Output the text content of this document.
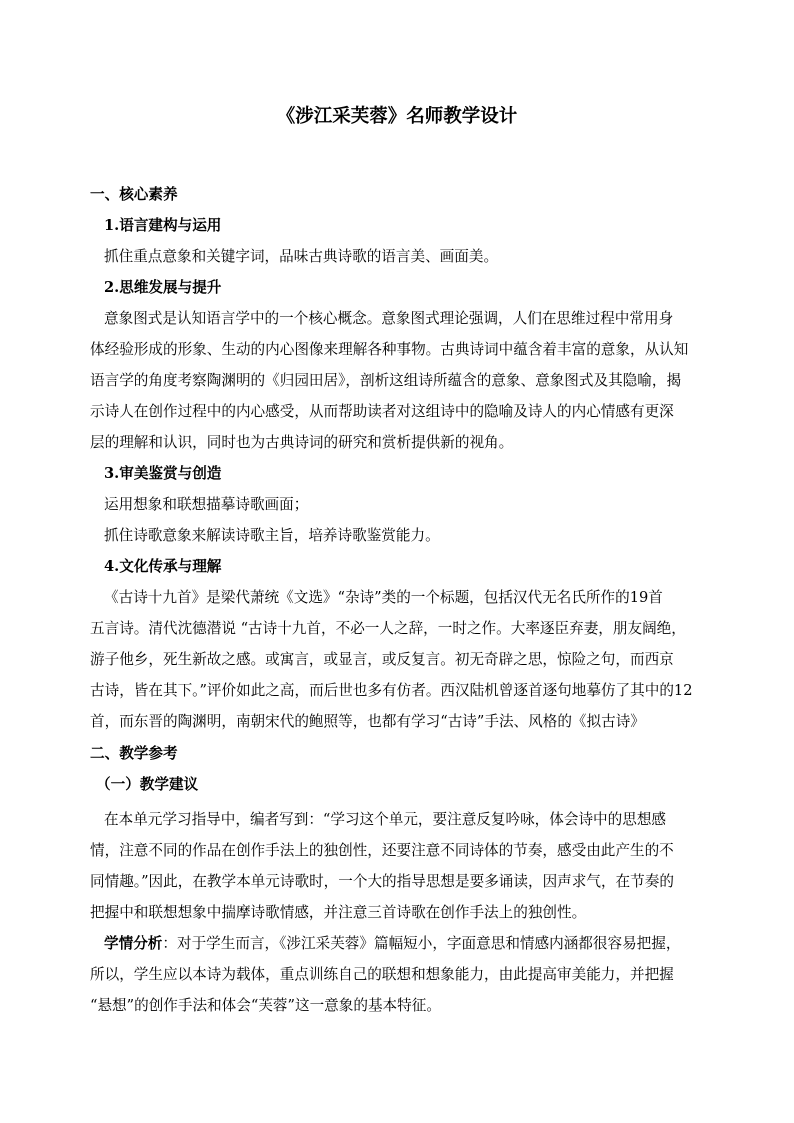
《涉江采芙蓉》名师教学设计
一、核心素养
1.语言建构与运用
抓住重点意象和关键字词，品味古典诗歌的语言美、画面美。
2.思维发展与提升
意象图式是认知语言学中的一个核心概念。意象图式理论强调，人们在思维过程中常用身
体经验形成的形象、生动的内心图像来理解各种事物。古典诗词中蕴含着丰富的意象，从认知
语言学的角度考察陶渊明的《归园田居》，剖析这组诗所蕴含的意象、意象图式及其隐喻，揭
示诗人在创作过程中的内心感受，从而帮助读者对这组诗中的隐喻及诗人的内心情感有更深
层的理解和认识，同时也为古典诗词的研究和赏析提供新的视角。
3.审美鉴赏与创造
运用想象和联想描摹诗歌画面；
抓住诗歌意象来解读诗歌主旨，培养诗歌鉴赏能力。
4.文化传承与理解
《古诗十九首》是梁代萧统《文选》“杂诗”类的一个标题，包括汉代无名氏所作的19首
五言诗。清代沈德潜说 “古诗十九首，不必一人之辞，一时之作。大率逐臣弃妻，朋友阔绝，
游子他乡，死生新故之感。或寓言，或显言，或反复言。初无奇辟之思，惊险之句，而西京
古诗，皆在其下。”评价如此之高，而后世也多有仿者。西汉陆机曾逐首逐句地摹仿了其中的12
首，而东晋的陶渊明，南朝宋代的鲍照等，也都有学习“古诗”手法、风格的《拟古诗》
二、教学参考
（一）教学建议
在本单元学习指导中，编者写到：“学习这个单元，要注意反复吟咏，体会诗中的思想感
情，注意不同的作品在创作手法上的独创性，还要注意不同诗体的节奏，感受由此产生的不
同情趣。”因此，在教学本单元诗歌时，一个大的指导思想是要多诵读，因声求气，在节奏的
把握中和联想想象中揣摩诗歌情感，并注意三首诗歌在创作手法上的独创性。
学情分析：对于学生而言，《涉江采芙蓉》篇幅短小，字面意思和情感内涵都很容易把握，
所以，学生应以本诗为载体，重点训练自己的联想和想象能力，由此提高审美能力，并把握
“悬想”的创作手法和体会“芙蓉”这一意象的基本特征。
